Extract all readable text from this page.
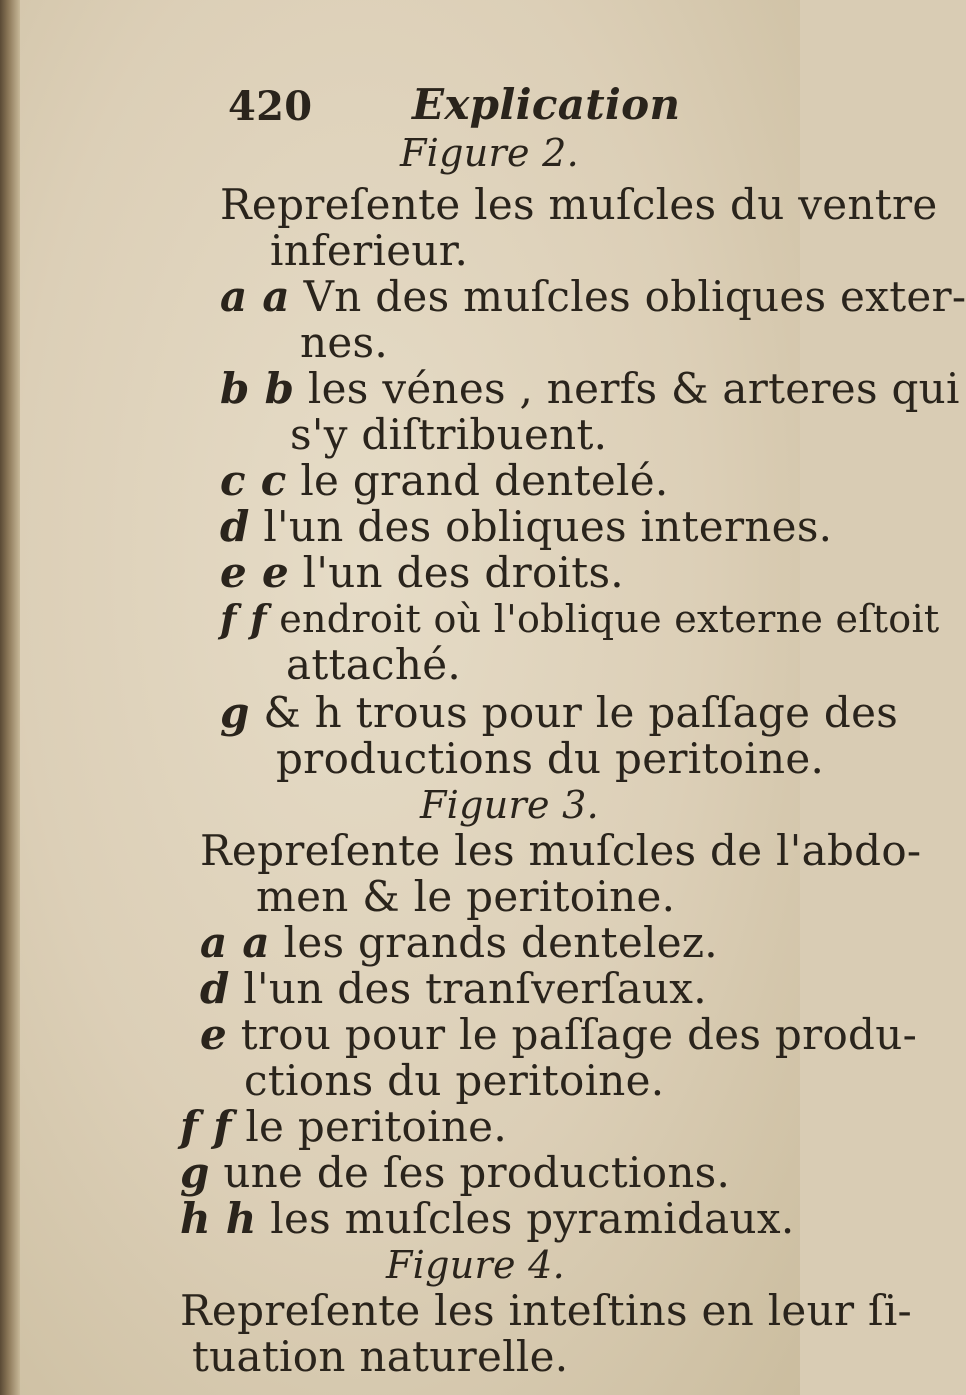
420 Explication
Figure 2.
Repreſente les muſcles du ventre
inferieur.
a a Vn des muſcles obliques exter-
nes.
b b les vénes , nerfs & arteres qui
s'y diſtribuent.
c c le grand dentelé.
d l'un des obliques internes.
e e l'un des droits.
f f endroit où l'oblique externe eſtoit
attaché.
g & h trous pour le paſſage des
productions du peritoine.
Figure 3.
Repreſente les muſcles de l'abdo-
men & le peritoine.
a a les grands dentelez.
d l'un des tranſverſaux.
e trou pour le paſſage des produ-
ctions du peritoine.
f f le peritoine.
g une de ſes productions.
h h les muſcles pyramidaux.
Figure 4.
Repreſente les inteſtins en leur ſi-
tuation naturelle.
